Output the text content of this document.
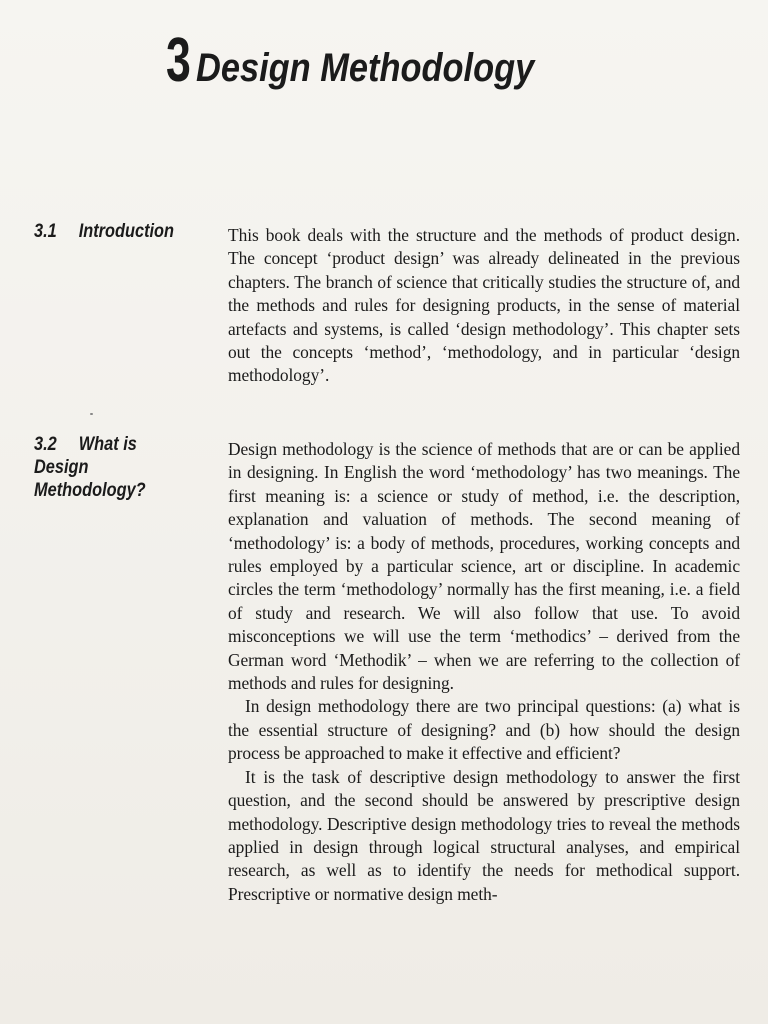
3 Design Methodology
3.1 Introduction	This book deals with the structure and the methods of product design. The concept ‘product design’ was already delineated in the previous chapters. The branch of science that critically studies the structure of, and the methods and rules for designing products, in the sense of material artefacts and systems, is called ‘design methodology’. This chapter sets out the concepts ‘method’, ‘methodology, and in particular ‘design methodology’.

3.2 What is
Design
Methodology?

Design methodology is the science of methods that are or can be applied in designing. In English the word ‘methodology’ has two meanings. The first meaning is: a science or study of method, i.e. the description, explanation and valuation of methods. The second meaning of ‘methodology’ is: a body of methods, procedures, working concepts and rules employed by a particular science, art or discipline. In academic circles the term ‘methodology’ normally has the first meaning, i.e. a field of study and research. We will also follow that use. To avoid misconceptions we will use the term ‘methodics’ – derived from the German word ‘Methodik’ – when we are referring to the collection of methods and rules for designing.

In design methodology there are two principal questions: (a) what is the essential structure of designing? and (b) how should the design process be approached to make it effective and efficient?

It is the task of descriptive design methodology to answer the first question, and the second should be answered by prescriptive design methodology. Descriptive design methodology tries to reveal the methods applied in design through logical structural analyses, and empirical research, as well as to identify the needs for methodical support. Prescriptive or normative design meth-
